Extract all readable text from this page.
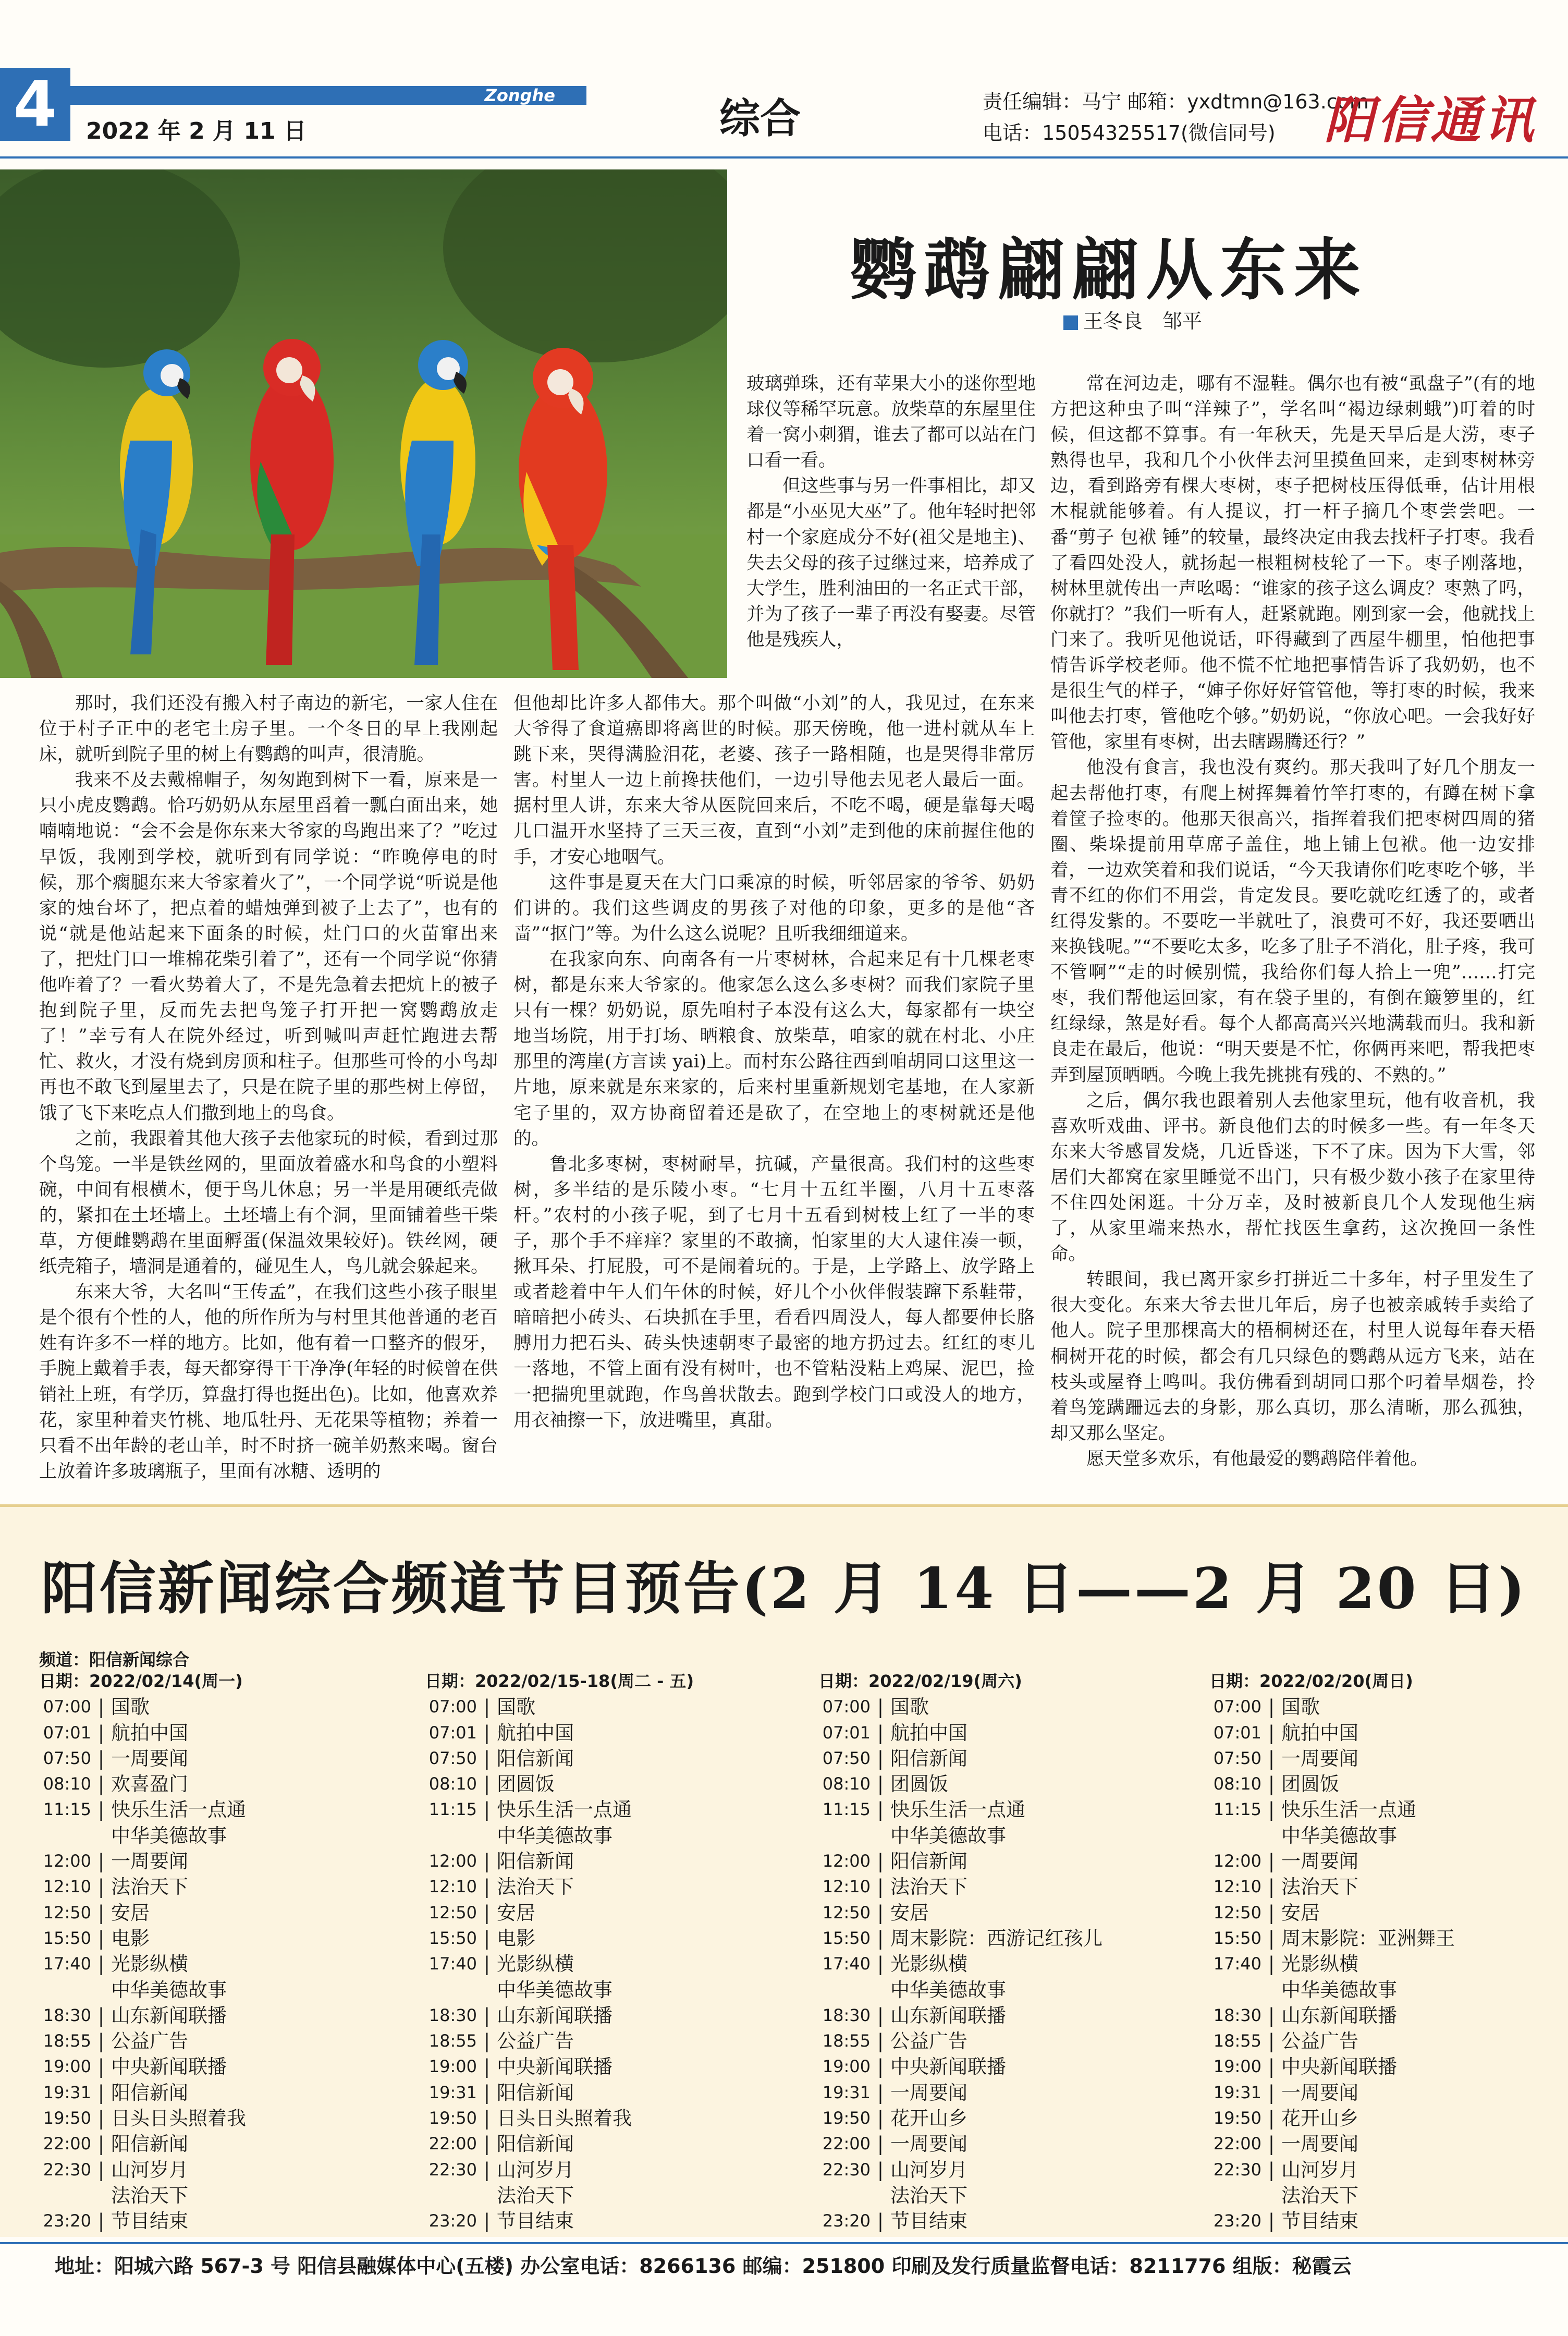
4	Zonghe
2022 年 2 月 11 日	综合	责任编辑：马宁 邮箱：yxdtmn@163.com
电话：15054325517(微信同号) 阳信通讯
鹦鹉翩翩从东来
王冬良　邹平

玻璃弹珠，还有苹果大小的迷你型地球仪等稀罕玩意。放柴草的东屋里住着一窝小刺猬，谁去了都可以站在门口看一看。

但这些事与另一件事相比，却又都是“小巫见大巫”了。他年轻时把邻村一个家庭成分不好(祖父是地主)、失去父母的孩子过继过来，培养成了大学生，胜利油田的一名正式干部，并为了孩子一辈子再没有娶妻。尽管他是残疾人，

那时，我们还没有搬入村子南边的新宅，一家人住在位于村子正中的老宅土房子里。一个冬日的早上我刚起床，就听到院子里的树上有鹦鹉的叫声，很清脆。

我来不及去戴棉帽子，匆匆跑到树下一看，原来是一只小虎皮鹦鹉。恰巧奶奶从东屋里舀着一瓢白面出来，她喃喃地说：“会不会是你东来大爷家的鸟跑出来了？”吃过早饭，我刚到学校，就听到有同学说：“昨晚停电的时候，那个瘸腿东来大爷家着火了”，一个同学说“听说是他家的烛台坏了，把点着的蜡烛弹到被子上去了”，也有的说“就是他站起来下面条的时候，灶门口的火苗窜出来了，把灶门口一堆棉花柴引着了”，还有一个同学说“你猜他咋着了？一看火势着大了，不是先急着去把炕上的被子抱到院子里，反而先去把鸟笼子打开把一窝鹦鹉放走了！”幸亏有人在院外经过，听到喊叫声赶忙跑进去帮忙、救火，才没有烧到房顶和柱子。但那些可怜的小鸟却再也不敢飞到屋里去了，只是在院子里的那些树上停留，饿了飞下来吃点人们撒到地上的鸟食。

之前，我跟着其他大孩子去他家玩的时候，看到过那个鸟笼。一半是铁丝网的，里面放着盛水和鸟食的小塑料碗，中间有根横木，便于鸟儿休息；另一半是用硬纸壳做的，紧扣在土坯墙上。土坯墙上有个洞，里面铺着些干柴草，方便雌鹦鹉在里面孵蛋(保温效果较好)。铁丝网，硬纸壳箱子，墙洞是通着的，碰见生人，鸟儿就会躲起来。

东来大爷，大名叫“王传孟”，在我们这些小孩子眼里是个很有个性的人，他的所作所为与村里其他普通的老百姓有许多不一样的地方。比如，他有着一口整齐的假牙，手腕上戴着手表，每天都穿得干干净净(年轻的时候曾在供销社上班，有学历，算盘打得也挺出色)。比如，他喜欢养花，家里种着夹竹桃、地瓜牡丹、无花果等植物；养着一只看不出年龄的老山羊，时不时挤一碗羊奶熬来喝。窗台上放着许多玻璃瓶子，里面有冰糖、透明的

但他却比许多人都伟大。那个叫做“小刘”的人，我见过，在东来大爷得了食道癌即将离世的时候。那天傍晚，他一进村就从车上跳下来，哭得满脸泪花，老婆、孩子一路相随，也是哭得非常厉害。村里人一边上前搀扶他们，一边引导他去见老人最后一面。据村里人讲，东来大爷从医院回来后，不吃不喝，硬是靠每天喝几口温开水坚持了三天三夜，直到“小刘”走到他的床前握住他的手，才安心地咽气。

这件事是夏天在大门口乘凉的时候，听邻居家的爷爷、奶奶们讲的。我们这些调皮的男孩子对他的印象，更多的是他“吝啬”“抠门”等。为什么这么说呢？且听我细细道来。

在我家向东、向南各有一片枣树林，合起来足有十几棵老枣树，都是东来大爷家的。他家怎么这么多枣树？而我们家院子里只有一棵？奶奶说，原先咱村子本没有这么大，每家都有一块空地当场院，用于打场、晒粮食、放柴草，咱家的就在村北、小庄那里的湾崖(方言读 yai)上。而村东公路往西到咱胡同口这里这一片地，原来就是东来家的，后来村里重新规划宅基地，在人家新宅子里的，双方协商留着还是砍了，在空地上的枣树就还是他的。

鲁北多枣树，枣树耐旱，抗碱，产量很高。我们村的这些枣树，多半结的是乐陵小枣。“七月十五红半圈，八月十五枣落杆。”农村的小孩子呢，到了七月十五看到树枝上红了一半的枣子，那个手不痒痒？家里的不敢摘，怕家里的大人逮住凑一顿，揪耳朵、打屁股，可不是闹着玩的。于是，上学路上、放学路上或者趁着中午人们午休的时候，好几个小伙伴假装蹿下系鞋带，暗暗把小砖头、石块抓在手里，看看四周没人，每人都要伸长胳膊用力把石头、砖头快速朝枣子最密的地方扔过去。红红的枣儿一落地，不管上面有没有树叶，也不管粘没粘上鸡屎、泥巴，捡一把揣兜里就跑，作鸟兽状散去。跑到学校门口或没人的地方，用衣袖擦一下，放进嘴里，真甜。

常在河边走，哪有不湿鞋。偶尔也有被“虱盘子”(有的地方把这种虫子叫“洋辣子”，学名叫“褐边绿刺蛾”)叮着的时候，但这都不算事。有一年秋天，先是天旱后是大涝，枣子熟得也早，我和几个小伙伴去河里摸鱼回来，走到枣树林旁边，看到路旁有棵大枣树，枣子把树枝压得低垂，估计用根木棍就能够着。有人提议，打一杆子摘几个枣尝尝吧。一番“剪子 包袱 锤”的较量，最终决定由我去找杆子打枣。我看了看四处没人，就扬起一根粗树枝轮了一下。枣子刚落地，树林里就传出一声吆喝：“谁家的孩子这么调皮？枣熟了吗，你就打？”我们一听有人，赶紧就跑。刚到家一会，他就找上门来了。我听见他说话，吓得藏到了西屋牛棚里，怕他把事情告诉学校老师。他不慌不忙地把事情告诉了我奶奶，也不是很生气的样子，“婶子你好好管管他，等打枣的时候，我来叫他去打枣，管他吃个够。”奶奶说，“你放心吧。一会我好好管他，家里有枣树，出去瞎踢腾还行？”

他没有食言，我也没有爽约。那天我叫了好几个朋友一起去帮他打枣，有爬上树挥舞着竹竿打枣的，有蹲在树下拿着筐子捡枣的。他那天很高兴，指挥着我们把枣树四周的猪圈、柴垛提前用草席子盖住，地上铺上包袱。他一边安排着，一边欢笑着和我们说话，“今天我请你们吃枣吃个够，半青不红的你们不用尝，肯定发艮。要吃就吃红透了的，或者红得发紫的。不要吃一半就吐了，浪费可不好，我还要晒出来换钱呢。”“不要吃太多，吃多了肚子不消化，肚子疼，我可不管啊”“走的时候别慌，我给你们每人拾上一兜”……打完枣，我们帮他运回家，有在袋子里的，有倒在簸箩里的，红红绿绿，煞是好看。每个人都高高兴兴地满载而归。我和新良走在最后，他说：“明天要是不忙，你俩再来吧，帮我把枣弄到屋顶晒晒。今晚上我先挑挑有残的、不熟的。”

之后，偶尔我也跟着别人去他家里玩，他有收音机，我喜欢听戏曲、评书。新良他们去的时候多一些。有一年冬天东来大爷感冒发烧，几近昏迷，下不了床。因为下大雪，邻居们大都窝在家里睡觉不出门，只有极少数小孩子在家里待不住四处闲逛。十分万幸，及时被新良几个人发现他生病了，从家里端来热水，帮忙找医生拿药，这次挽回一条性命。

转眼间，我已离开家乡打拼近二十多年，村子里发生了很大变化。东来大爷去世几年后，房子也被亲戚转手卖给了他人。院子里那棵高大的梧桐树还在，村里人说每年春天梧桐树开花的时候，都会有几只绿色的鹦鹉从远方飞来，站在枝头或屋脊上鸣叫。我仿佛看到胡同口那个叼着旱烟卷，拎着鸟笼蹒跚远去的身影，那么真切，那么清晰，那么孤独，却又那么坚定。

愿天堂多欢乐，有他最爱的鹦鹉陪伴着他。

阳信新闻综合频道节目预告(2 月 14 日——2 月 20 日)
频道：阳信新闻综合
日期：2022/02/14(周一)
07:00 | 国歌
07:01 | 航拍中国
07:50 | 一周要闻
08:10 | 欢喜盈门
11:15 | 快乐生活一点通
中华美德故事
12:00 | 一周要闻
12:10 | 法治天下
12:50 | 安居
15:50 | 电影
17:40 | 光影纵横
中华美德故事
18:30 | 山东新闻联播
18:55 | 公益广告
19:00 | 中央新闻联播
19:31 | 阳信新闻
19:50 | 日头日头照着我
22:00 | 阳信新闻
22:30 | 山河岁月
法治天下
23:20 | 节目结束
日期：2022/02/15-18(周二 - 五)
07:00 | 国歌
07:01 | 航拍中国
07:50 | 阳信新闻
08:10 | 团圆饭
11:15 | 快乐生活一点通
中华美德故事
12:00 | 阳信新闻
12:10 | 法治天下
12:50 | 安居
15:50 | 电影
17:40 | 光影纵横
中华美德故事
18:30 | 山东新闻联播
18:55 | 公益广告
19:00 | 中央新闻联播
19:31 | 阳信新闻
19:50 | 日头日头照着我
22:00 | 阳信新闻
22:30 | 山河岁月
法治天下
23:20 | 节目结束
日期：2022/02/19(周六)
07:00 | 国歌
07:01 | 航拍中国
07:50 | 阳信新闻
08:10 | 团圆饭
11:15 | 快乐生活一点通
中华美德故事
12:00 | 阳信新闻
12:10 | 法治天下
12:50 | 安居
15:50 | 周末影院：西游记红孩儿
17:40 | 光影纵横
中华美德故事
18:30 | 山东新闻联播
18:55 | 公益广告
19:00 | 中央新闻联播
19:31 | 一周要闻
19:50 | 花开山乡
22:00 | 一周要闻
22:30 | 山河岁月
法治天下
23:20 | 节目结束
日期：2022/02/20(周日)
07:00 | 国歌
07:01 | 航拍中国
07:50 | 一周要闻
08:10 | 团圆饭
11:15 | 快乐生活一点通
中华美德故事
12:00 | 一周要闻
12:10 | 法治天下
12:50 | 安居
15:50 | 周末影院：亚洲舞王
17:40 | 光影纵横
中华美德故事
18:30 | 山东新闻联播
18:55 | 公益广告
19:00 | 中央新闻联播
19:31 | 一周要闻
19:50 | 花开山乡
22:00 | 一周要闻
22:30 | 山河岁月
法治天下
23:20 | 节目结束
地址：阳城六路 567-3 号 阳信县融媒体中心(五楼) 办公室电话：8266136 邮编：251800 印刷及发行质量监督电话：8211776 组版：秘霞云
